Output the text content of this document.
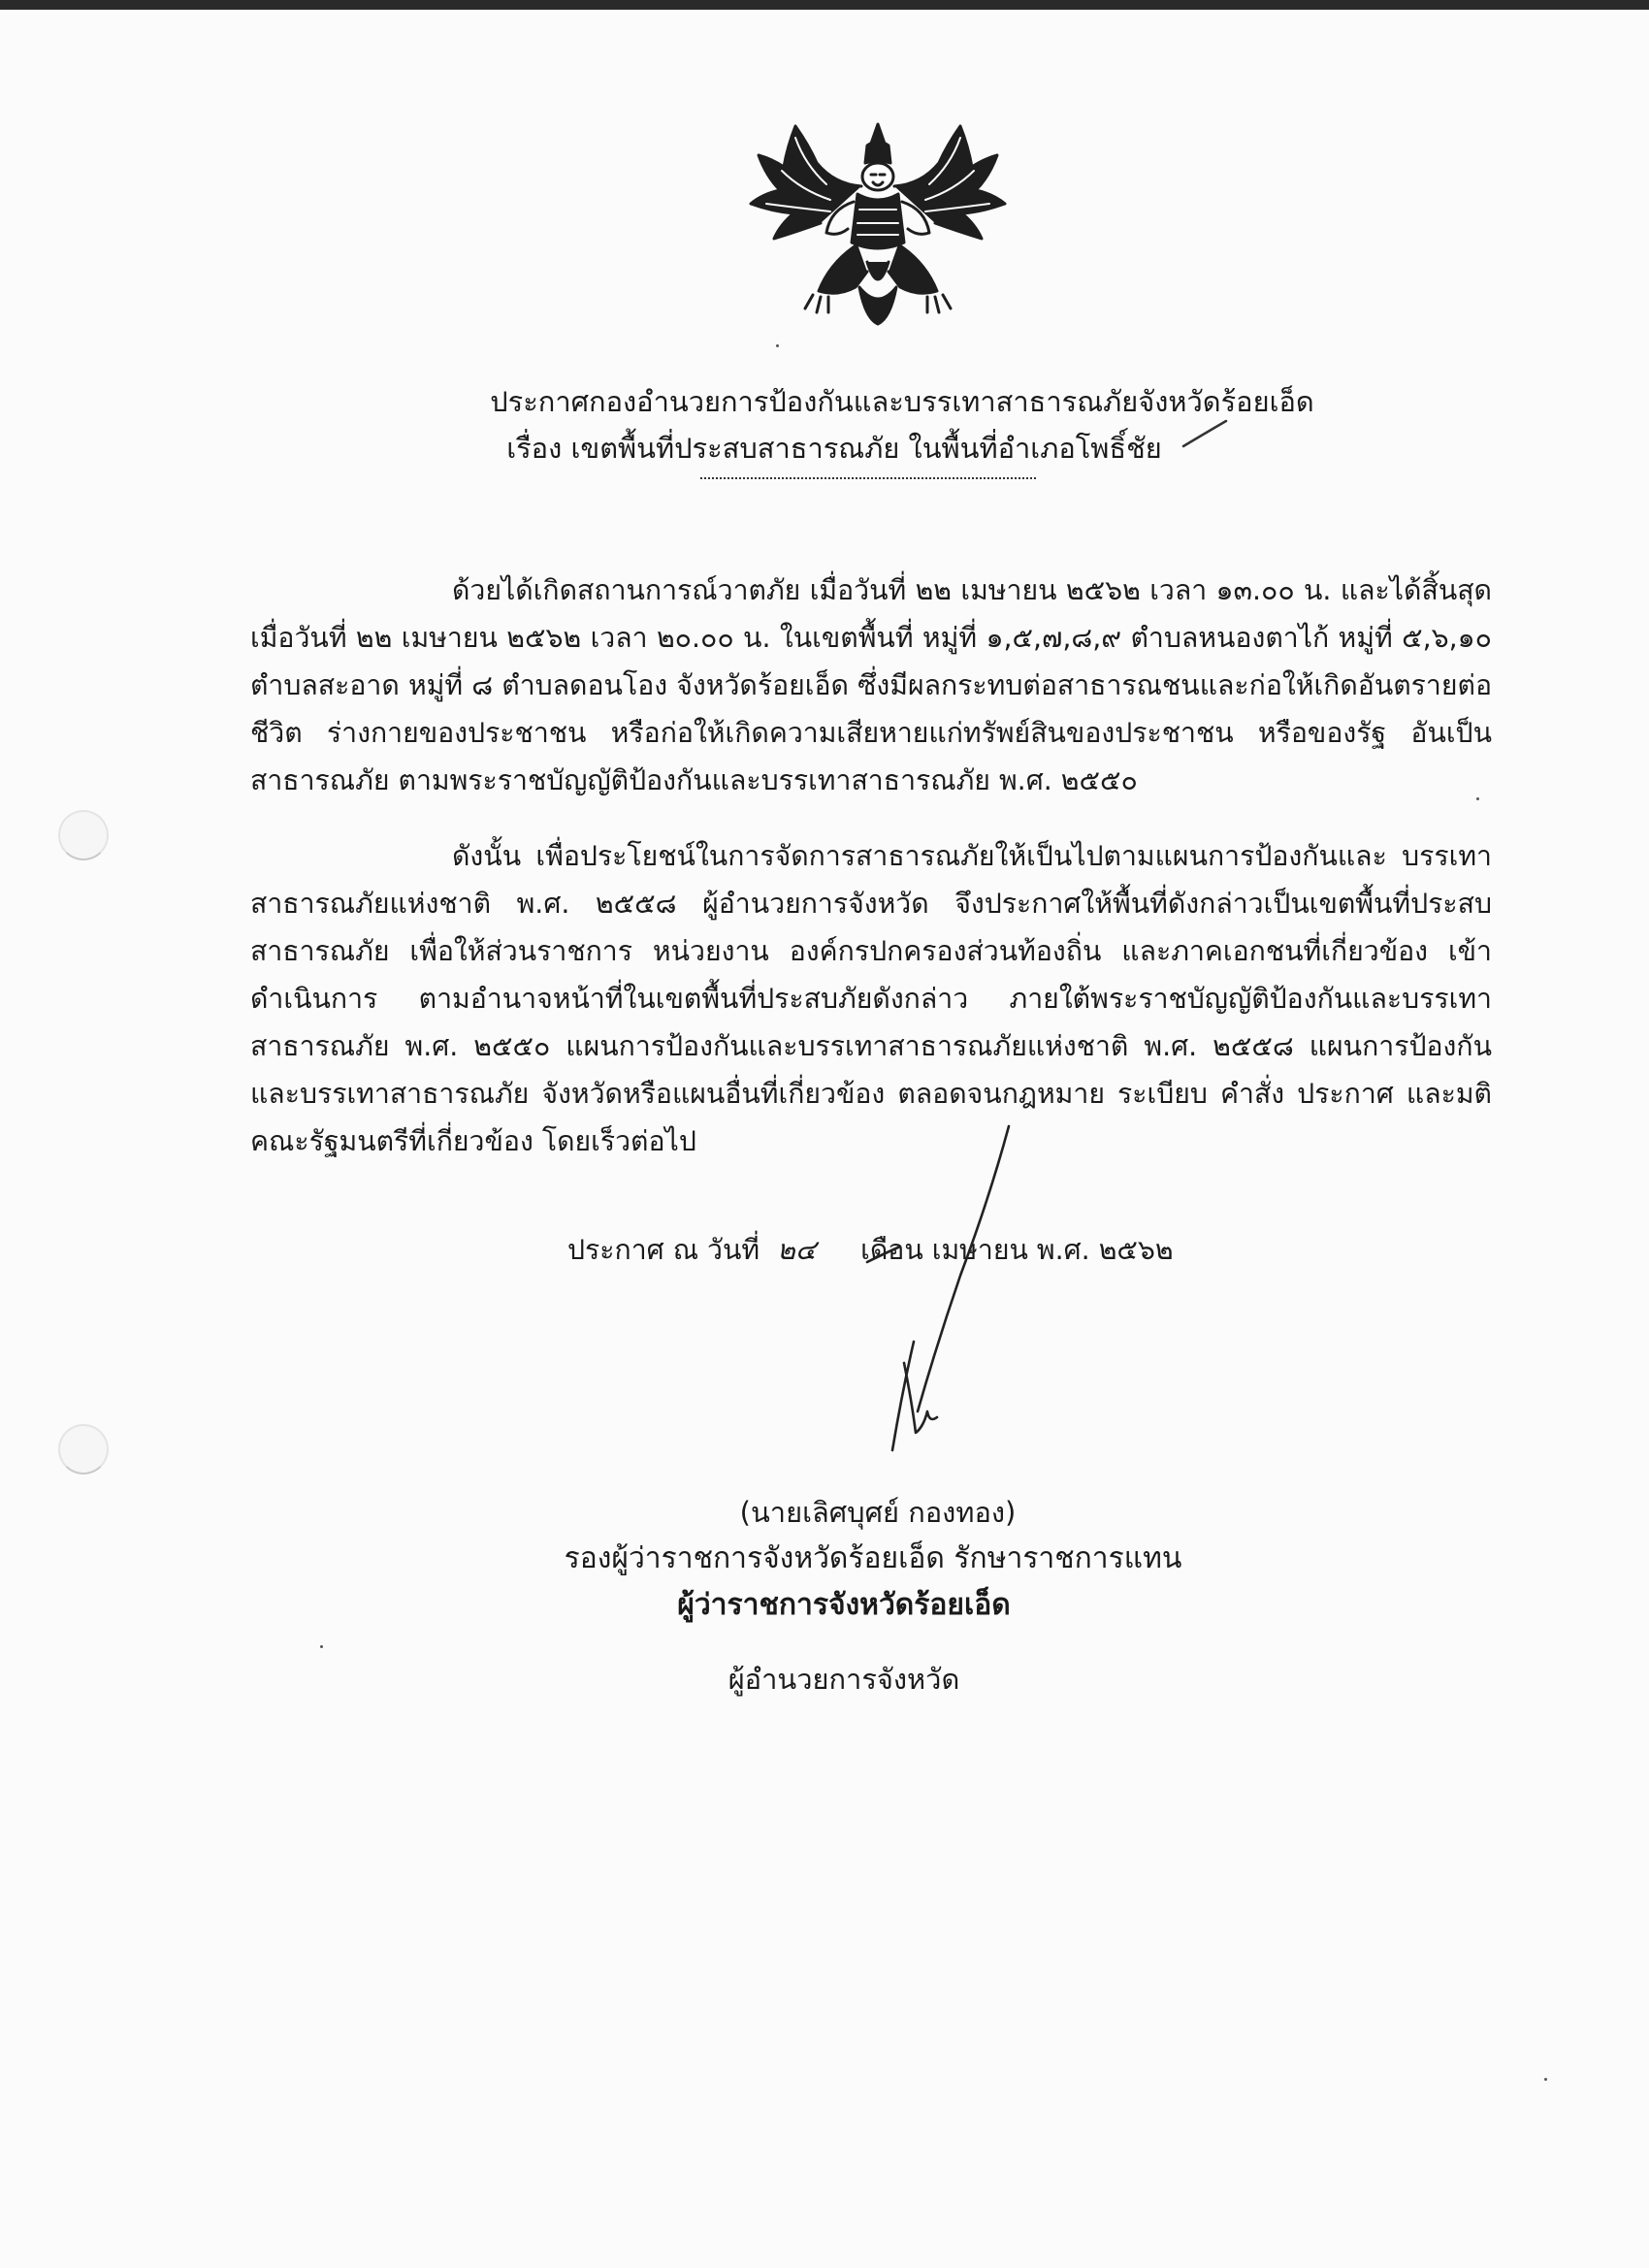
ประกาศกองอำนวยการป้องกันและบรรเทาสาธารณภัยจังหวัดร้อยเอ็ด
เรื่อง เขตพื้นที่ประสบสาธารณภัย ในพื้นที่อำเภอโพธิ์ชัย

ด้วยได้เกิดสถานการณ์วาตภัย เมื่อวันที่ ๒๒ เมษายน ๒๕๖๒ เวลา ๑๓.๐๐ น. และได้สิ้นสุด เมื่อวันที่ ๒๒ เมษายน ๒๕๖๒ เวลา ๒๐.๐๐ น. ในเขตพื้นที่ หมู่ที่ ๑,๕,๗,๘,๙ ตำบลหนองตาไก้ หมู่ที่ ๕,๖,๑๐ ตำบลสะอาด หมู่ที่ ๘ ตำบลดอนโอง จังหวัดร้อยเอ็ด ซึ่งมีผลกระทบต่อสาธารณชนและก่อให้เกิดอันตรายต่อชีวิต ร่างกายของประชาชน หรือก่อให้เกิดความเสียหายแก่ทรัพย์สินของประชาชน หรือของรัฐ อันเป็นสาธารณภัย ตามพระราชบัญญัติป้องกันและบรรเทาสาธารณภัย พ.ศ. ๒๕๕๐

ดังนั้น เพื่อประโยชน์ในการจัดการสาธารณภัยให้เป็นไปตามแผนการป้องกันและ บรรเทาสาธารณภัยแห่งชาติ พ.ศ. ๒๕๕๘ ผู้อำนวยการจังหวัด จึงประกาศให้พื้นที่ดังกล่าวเป็นเขตพื้นที่ประสบ สาธารณภัย เพื่อให้ส่วนราชการ หน่วยงาน องค์กรปกครองส่วนท้องถิ่น และภาคเอกชนที่เกี่ยวข้อง เข้าดำเนินการ ตามอำนาจหน้าที่ในเขตพื้นที่ประสบภัยดังกล่าว ภายใต้พระราชบัญญัติป้องกันและบรรเทาสาธารณภัย พ.ศ. ๒๕๕๐ แผนการป้องกันและบรรเทาสาธารณภัยแห่งชาติ พ.ศ. ๒๕๕๘ แผนการป้องกันและบรรเทาสาธารณภัย จังหวัดหรือแผนอื่นที่เกี่ยวข้อง ตลอดจนกฎหมาย ระเบียบ คำสั่ง ประกาศ และมติคณะรัฐมนตรีที่เกี่ยวข้อง โดยเร็วต่อไป

ประกาศ ณ วันที่ ๒๔ เดือน เมษายน พ.ศ. ๒๕๖๒
(นายเลิศบุศย์ กองทอง)
รองผู้ว่าราชการจังหวัดร้อยเอ็ด รักษาราชการแทน
ผู้ว่าราชการจังหวัดร้อยเอ็ด
ผู้อำนวยการจังหวัด
